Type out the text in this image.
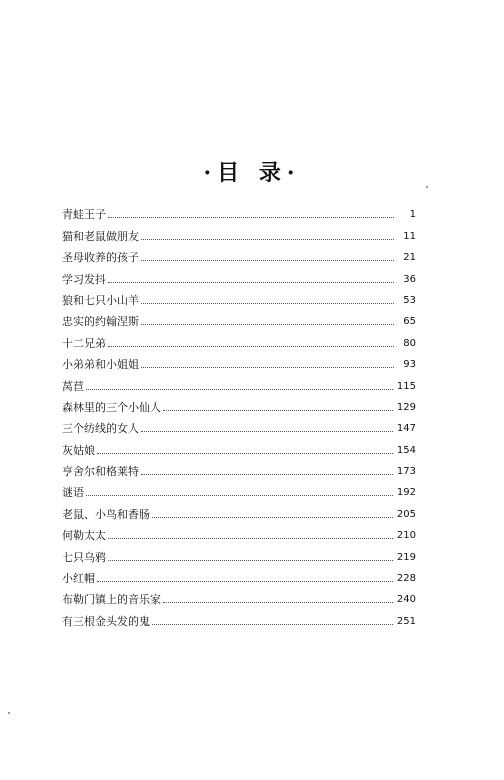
·目 录·
青蛙王子	1
猫和老鼠做朋友	11
圣母收养的孩子	21
学习发抖	36
狼和七只小山羊	53
忠实的约翰涅斯	65
十二兄弟	80
小弟弟和小姐姐	93
莴苣	115
森林里的三个小仙人	129
三个纺线的女人	147
灰姑娘	154
亨舍尔和格莱特	173
谜语	192
老鼠、小鸟和香肠	205
何勒太太	210
七只乌鸦	219
小红帽	228
布勒门镇上的音乐家	240
有三根金头发的鬼	251
